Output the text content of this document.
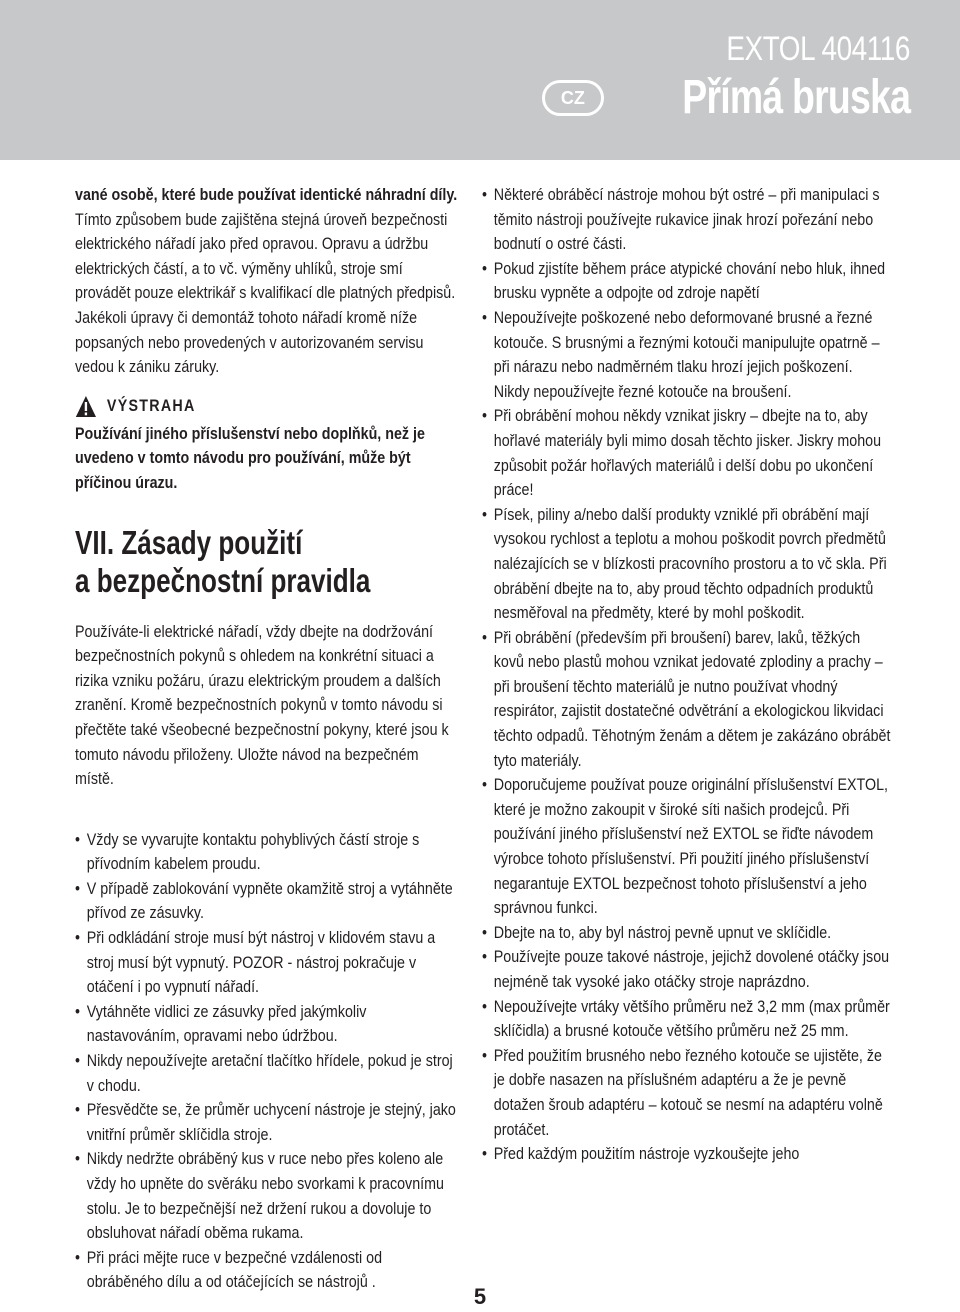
EXTOL 404116
CZ	Přímá bruska

vané osobě, které bude používat identické náhradní díly. Tímto způsobem bude zajištěna stejná úroveň bezpečnosti elektrického nářadí jako před opravou. Opravu a údržbu elektrických částí, a to vč. výměny uhlíků, stroje smí provádět pouze elektrikář s kvalifikací dle platných předpisů. Jakékoli úpravy či demontáž tohoto nářadí kromě níže popsaných nebo provedených v autorizovaném servisu vedou k zániku záruky.

VÝSTRAHA

Používání jiného příslušenství nebo doplňků, než je uvedeno v tomto návodu pro používání, může být příčinou úrazu.

VII. Zásady použití
a bezpečnostní pravidla

Používáte-li elektrické nářadí, vždy dbejte na dodržování bezpečnostních pokynů s ohledem na konkrétní situaci a rizika vzniku požáru, úrazu elektrickým proudem a dalších zranění. Kromě bezpečnostních pokynů v tomto návodu si přečtěte také všeobecné bezpečnostní pokyny, které jsou k tomuto návodu přiloženy. Uložte návod na bezpečném místě.

• Vždy se vyvarujte kontaktu pohyblivých částí stroje s přívodním kabelem proudu.
• V případě zablokování vypněte okamžitě stroj a vytáhněte přívod ze zásuvky.
• Při odkládání stroje musí být nástroj v klidovém stavu a stroj musí být vypnutý. POZOR - nástroj pokračuje v otáčení i po vypnutí nářadí.
• Vytáhněte vidlici ze zásuvky před jakýmkoliv nastavováním, opravami nebo údržbou.
• Nikdy nepoužívejte aretační tlačítko hřídele, pokud je stroj v chodu.
• Přesvědčte se, že průměr uchycení nástroje je stejný, jako vnitřní průměr sklíčidla stroje.
• Nikdy nedržte obráběný kus v ruce nebo přes koleno ale vždy ho upněte do svěráku nebo svorkami k pracovnímu stolu. Je to bezpečnější než držení rukou a dovoluje to obsluhovat nářadí oběma rukama.
• Při práci mějte ruce v bezpečné vzdálenosti od obráběného dílu a od otáčejících se nástrojů .
• Některé obráběcí nástroje mohou být ostré – při manipulaci s těmito nástroji používejte rukavice jinak hrozí pořezání nebo bodnutí o ostré části.
• Pokud zjistíte během práce atypické chování nebo hluk, ihned brusku vypněte a odpojte od zdroje napětí
• Nepoužívejte poškozené nebo deformované brusné a řezné kotouče. S brusnými a řeznými kotouči manipulujte opatrně – při nárazu nebo nadměrném tlaku hrozí jejich poškození. Nikdy nepoužívejte řezné kotouče na broušení.
• Při obrábění mohou někdy vznikat jiskry – dbejte na to, aby hořlavé materiály byli mimo dosah těchto jisker. Jiskry mohou způsobit požár hořlavých materiálů i delší dobu po ukončení práce!
• Písek, piliny a/nebo další produkty vzniklé při obrábění mají vysokou rychlost a teplotu a mohou poškodit povrch předmětů nalézajících se v blízkosti pracovního prostoru a to vč skla. Při obrábění dbejte na to, aby proud těchto odpadních produktů nesměřoval na předměty, které by mohl poškodit.
• Při obrábění (především při broušení) barev, laků, těžkých kovů nebo plastů mohou vznikat jedovaté zplodiny a prachy – při broušení těchto materiálů je nutno používat vhodný respirátor, zajistit dostatečné odvětrání a ekologickou likvidaci těchto odpadů. Těhotným ženám a dětem je zakázáno obrábět tyto materiály.
• Doporučujeme používat pouze originální příslušenství EXTOL, které je možno zakoupit v široké síti našich prodejců. Při používání jiného příslušenství než EXTOL se řiďte návodem výrobce tohoto příslušenství. Při použití jiného příslušenství negarantuje EXTOL bezpečnost tohoto příslušenství a jeho správnou funkci.
• Dbejte na to, aby byl nástroj pevně upnut ve sklíčidle.
• Používejte pouze takové nástroje, jejichž dovolené otáčky jsou nejméně tak vysoké jako otáčky stroje naprázdno.
• Nepoužívejte vrtáky většího průměru než 3,2 mm (max průměr sklíčidla) a brusné kotouče většího průměru než 25 mm.
• Před použitím brusného nebo řezného kotouče se ujistěte, že je dobře nasazen na příslušném adaptéru a že je pevně dotažen šroub adaptéru – kotouč se nesmí na adaptéru volně protáčet.
• Před každým použitím nástroje vyzkoušejte jeho
5
